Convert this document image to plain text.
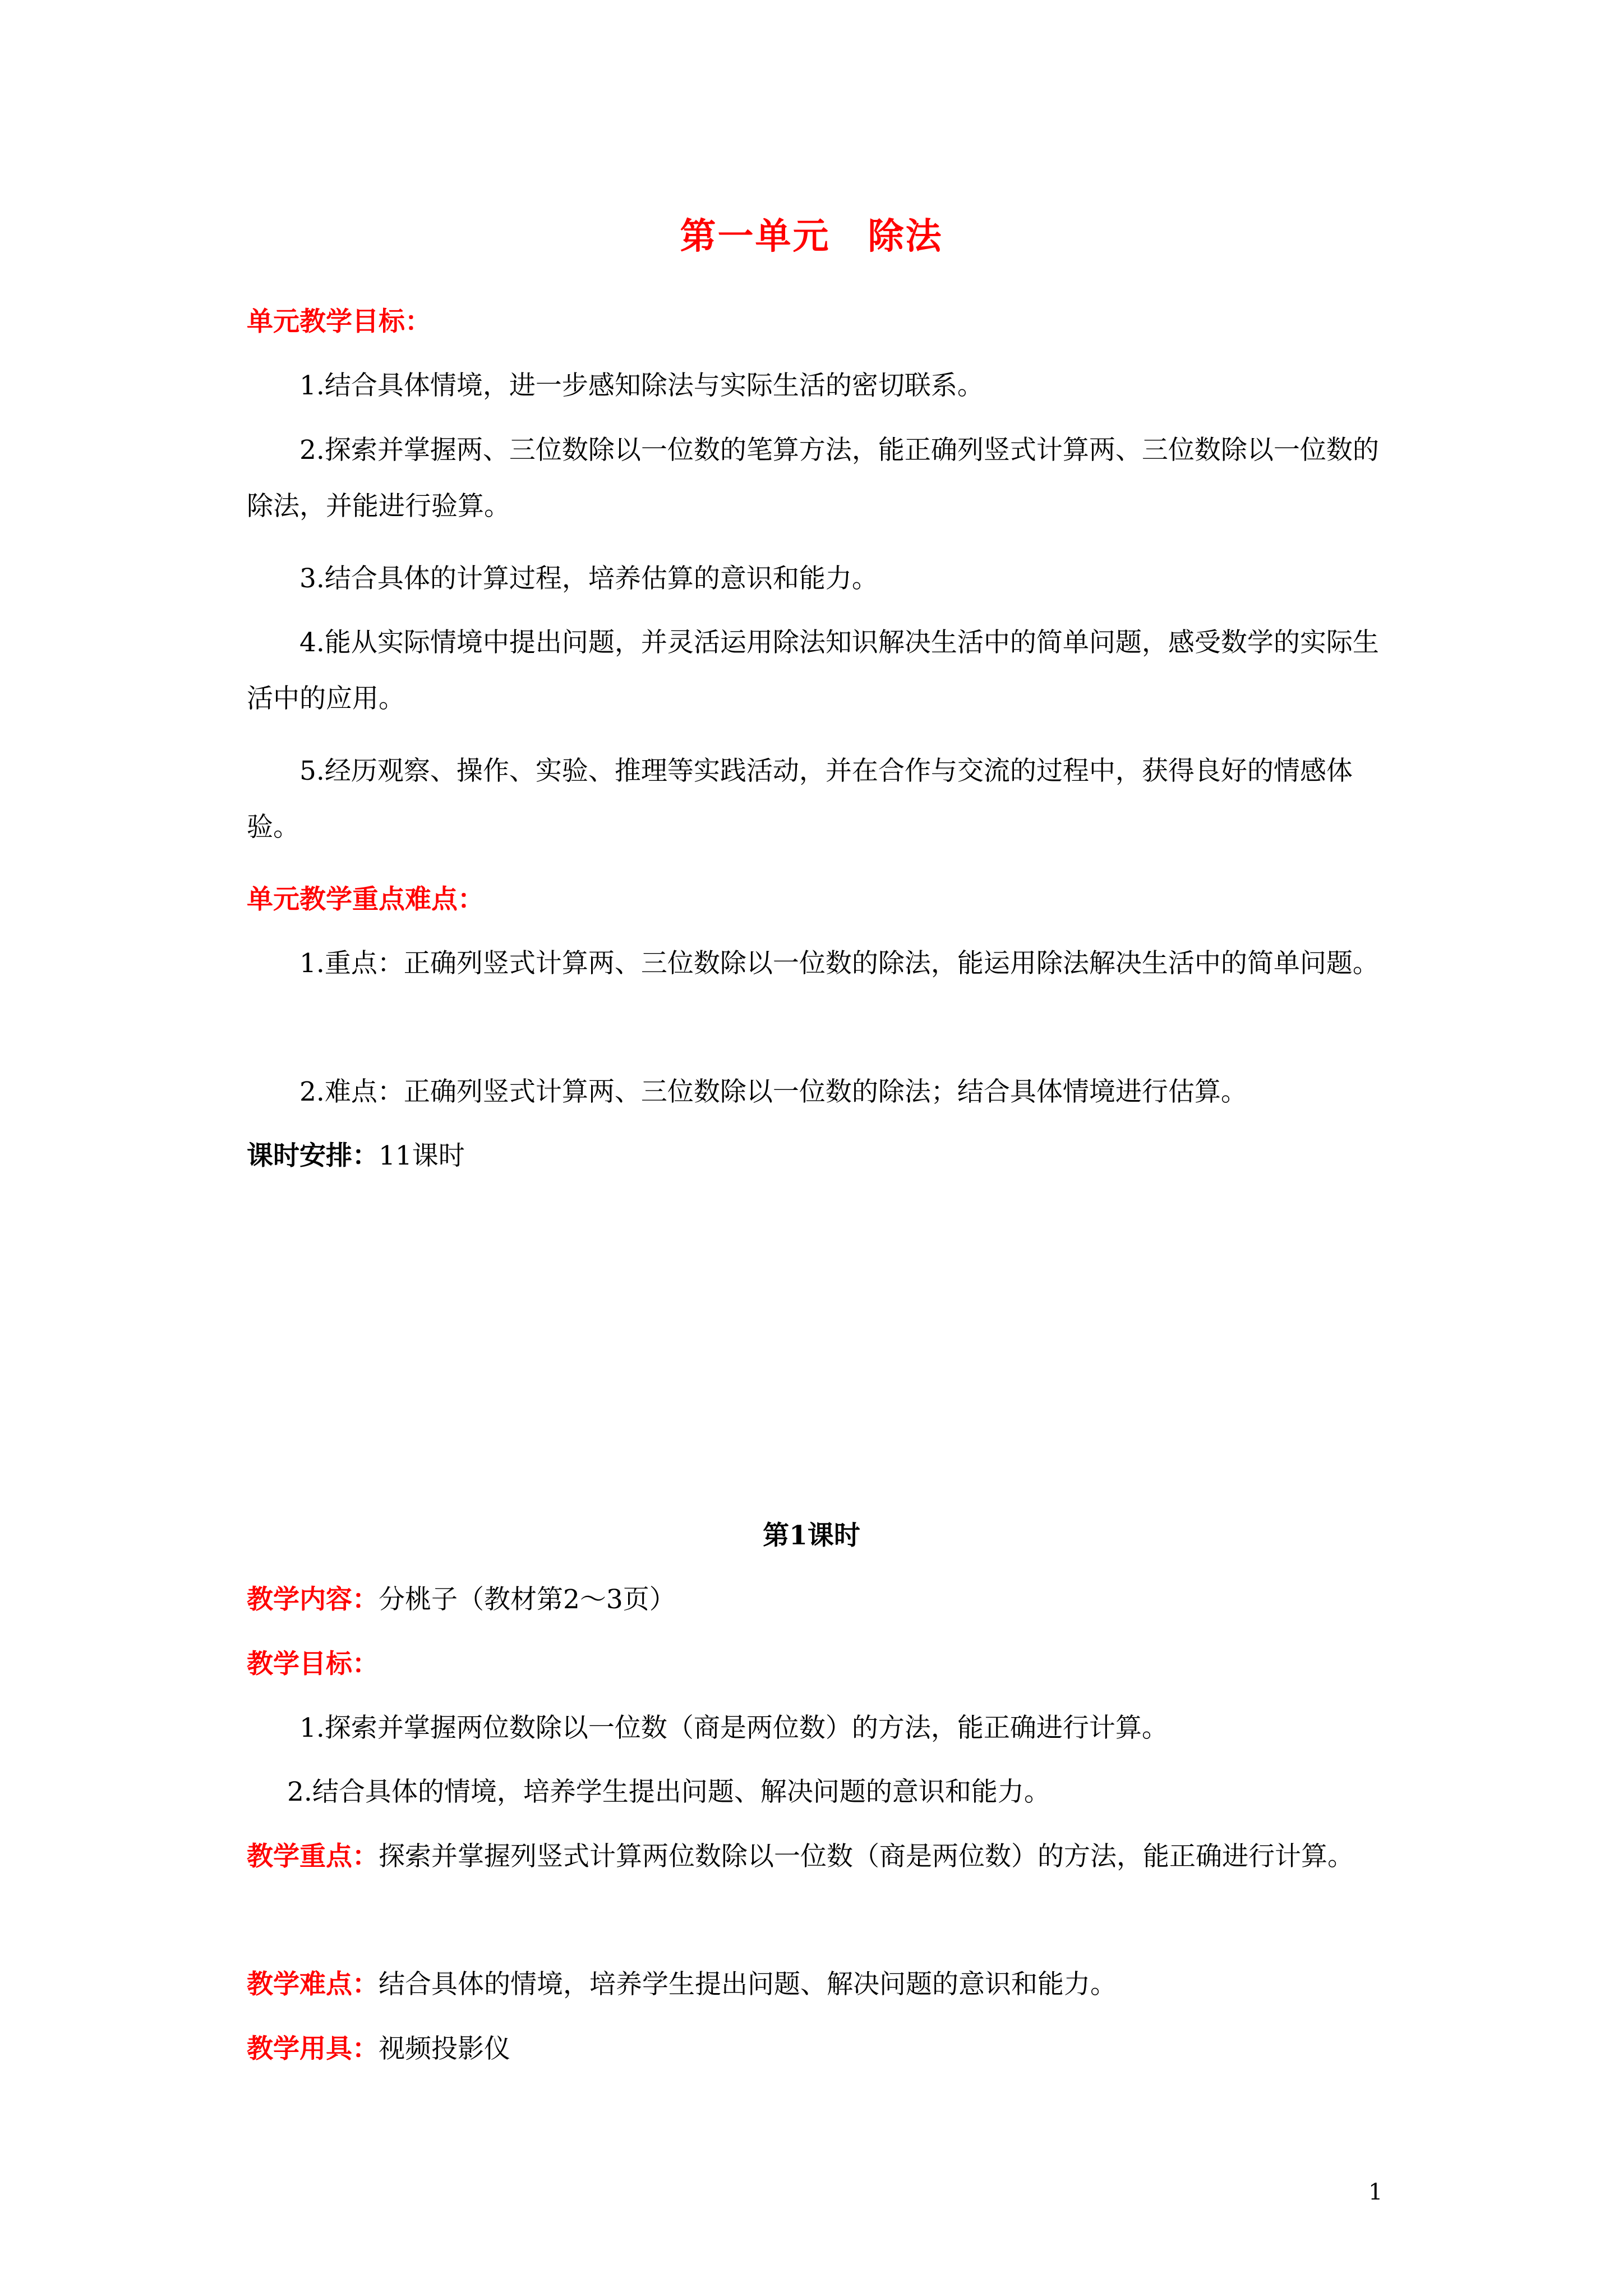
第一单元　除法

单元教学目标：

1.结合具体情境，进一步感知除法与实际生活的密切联系。

2.探索并掌握两、三位数除以一位数的笔算方法，能正确列竖式计算两、三位数除以一位数的除法，并能进行验算。

3.结合具体的计算过程，培养估算的意识和能力。

4.能从实际情境中提出问题，并灵活运用除法知识解决生活中的简单问题，感受数学的实际生活中的应用。

5.经历观察、操作、实验、推理等实践活动，并在合作与交流的过程中，获得良好的情感体验。

单元教学重点难点：

1.重点：正确列竖式计算两、三位数除以一位数的除法，能运用除法解决生活中的简单问题。

2.难点：正确列竖式计算两、三位数除以一位数的除法；结合具体情境进行估算。

课时安排：11课时

第1课时

教学内容：分桃子（教材第2～3页）

教学目标：

1.探索并掌握两位数除以一位数（商是两位数）的方法，能正确进行计算。

2.结合具体的情境，培养学生提出问题、解决问题的意识和能力。

教学重点：探索并掌握列竖式计算两位数除以一位数（商是两位数）的方法，能正确进行计算。

教学难点：结合具体的情境，培养学生提出问题、解决问题的意识和能力。

教学用具：视频投影仪

1
